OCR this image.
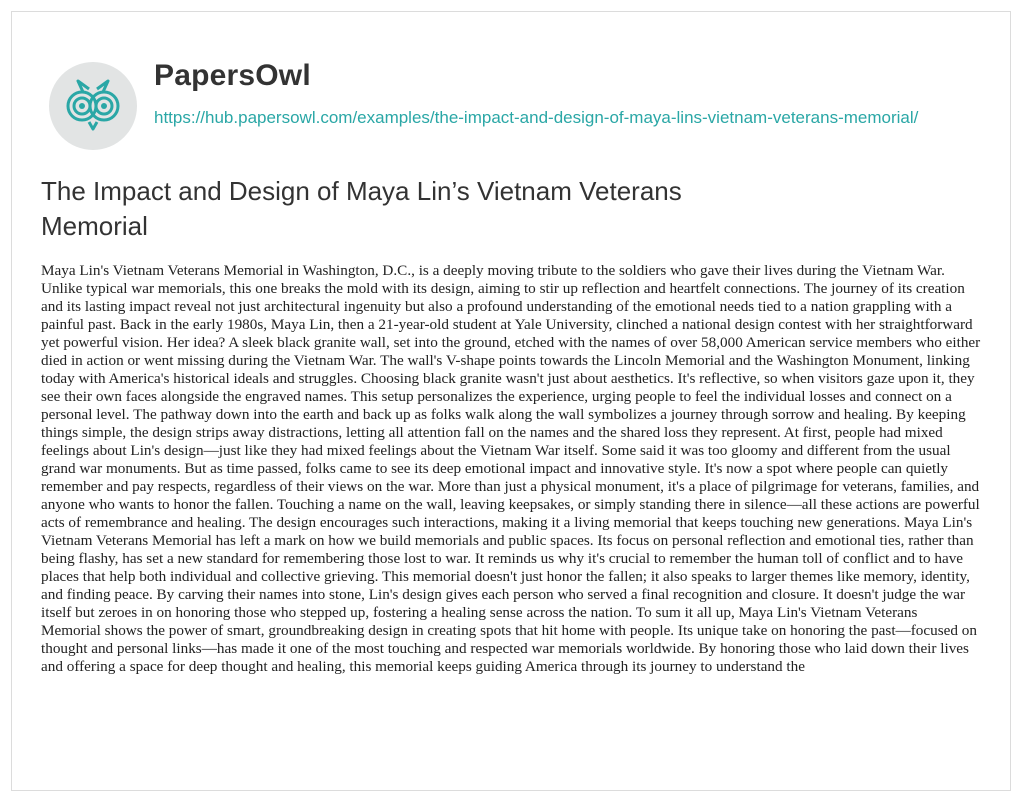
PapersOwl
https://hub.papersowl.com/examples/the-impact-and-design-of-maya-lins-vietnam-veterans-memorial/
The Impact and Design of Maya Lin’s Vietnam Veterans Memorial

Maya Lin's Vietnam Veterans Memorial in Washington, D.C., is a deeply moving tribute to the soldiers who gave their lives during the Vietnam War. Unlike typical war memorials, this one breaks the mold with its design, aiming to stir up reflection and heartfelt connections. The journey of its creation and its lasting impact reveal not just architectural ingenuity but also a profound understanding of the emotional needs tied to a nation grappling with a painful past. Back in the early 1980s, Maya Lin, then a 21-year-old student at Yale University, clinched a national design contest with her straightforward yet powerful vision. Her idea? A sleek black granite wall, set into the ground, etched with the names of over 58,000 American service members who either died in action or went missing during the Vietnam War. The wall's V-shape points towards the Lincoln Memorial and the Washington Monument, linking today with America's historical ideals and struggles. Choosing black granite wasn't just about aesthetics. It's reflective, so when visitors gaze upon it, they see their own faces alongside the engraved names. This setup personalizes the experience, urging people to feel the individual losses and connect on a personal level. The pathway down into the earth and back up as folks walk along the wall symbolizes a journey through sorrow and healing. By keeping things simple, the design strips away distractions, letting all attention fall on the names and the shared loss they represent. At first, people had mixed feelings about Lin's design—just like they had mixed feelings about the Vietnam War itself. Some said it was too gloomy and different from the usual grand war monuments. But as time passed, folks came to see its deep emotional impact and innovative style. It's now a spot where people can quietly remember and pay respects, regardless of their views on the war. More than just a physical monument, it's a place of pilgrimage for veterans, families, and anyone who wants to honor the fallen. Touching a name on the wall, leaving keepsakes, or simply standing there in silence—all these actions are powerful acts of remembrance and healing. The design encourages such interactions, making it a living memorial that keeps touching new generations. Maya Lin's Vietnam Veterans Memorial has left a mark on how we build memorials and public spaces. Its focus on personal reflection and emotional ties, rather than being flashy, has set a new standard for remembering those lost to war. It reminds us why it's crucial to remember the human toll of conflict and to have places that help both individual and collective grieving. This memorial doesn't just honor the fallen; it also speaks to larger themes like memory, identity, and finding peace. By carving their names into stone, Lin's design gives each person who served a final recognition and closure. It doesn't judge the war itself but zeroes in on honoring those who stepped up, fostering a healing sense across the nation. To sum it all up, Maya Lin's Vietnam Veterans Memorial shows the power of smart, groundbreaking design in creating spots that hit home with people. Its unique take on honoring the past—focused on thought and personal links—has made it one of the most touching and respected war memorials worldwide. By honoring those who laid down their lives and offering a space for deep thought and healing, this memorial keeps guiding America through its journey to understand the
